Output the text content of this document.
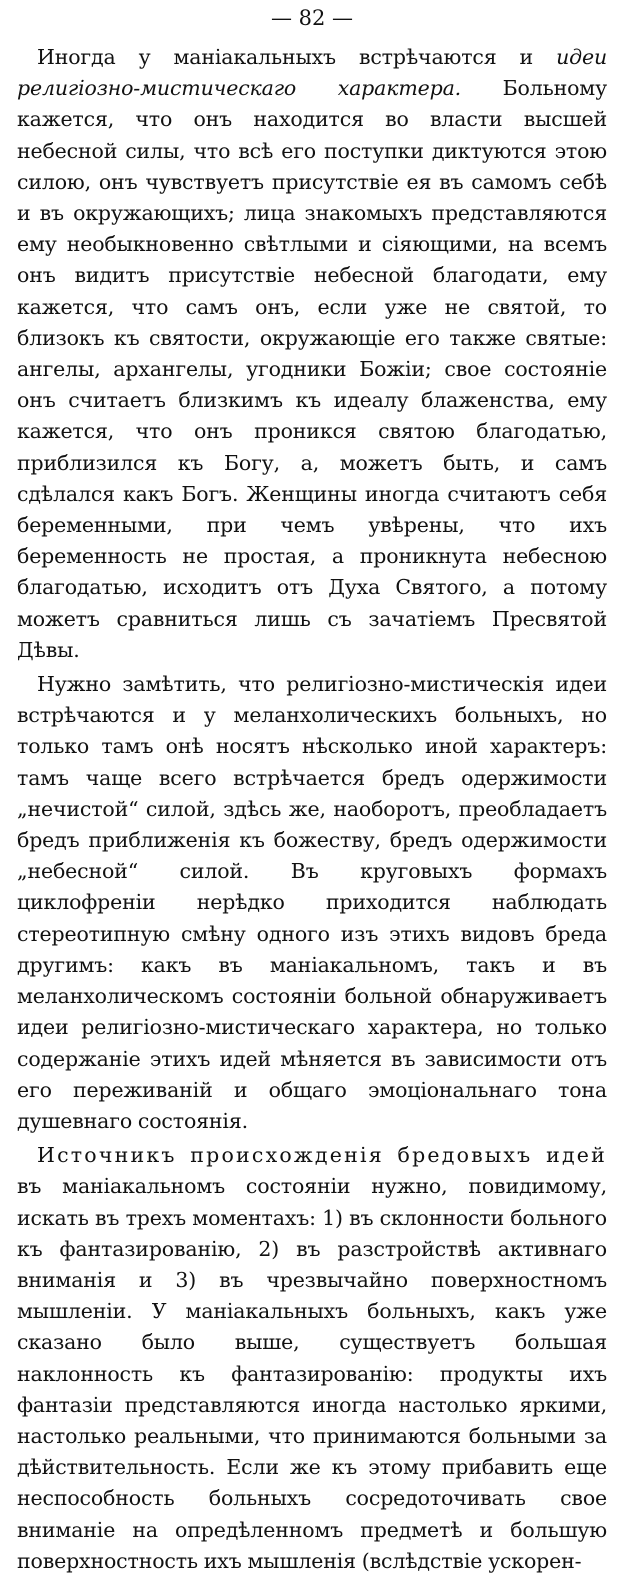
— 82 —

Иногда у маніакальныхъ встрѣчаются и идеи религіозно-мистическаго характера. Больному кажется, что онъ находится во власти высшей небесной силы, что всѣ его поступки диктуются этою силою, онъ чувствуетъ присутствіе ея въ самомъ себѣ и въ окружающихъ; лица знакомыхъ представляются ему необыкновенно свѣтлыми и сіяющими, на всемъ онъ видитъ присутствіе небесной благодати, ему кажется, что самъ онъ, если уже не святой, то близокъ къ святости, окружающіе его также святые: ангелы, архангелы, угодники Божіи; свое состояніе онъ считаетъ близкимъ къ идеалу блаженства, ему кажется, что онъ проникся святою благодатью, приблизился къ Богу, а, можетъ быть, и самъ сдѣлался какъ Богъ. Женщины иногда считаютъ себя беременными, при чемъ увѣрены, что ихъ беременность не простая, а проникнута небесною благодатью, исходитъ отъ Духа Святого, а потому можетъ сравниться лишь съ зачатіемъ Пресвятой Дѣвы.

Нужно замѣтить, что религіозно-мистическія идеи встрѣчаются и у меланхолическихъ больныхъ, но только тамъ онѣ носятъ нѣсколько иной характеръ: тамъ чаще всего встрѣчается бредъ одержимости „нечистой“ силой, здѣсь же, наоборотъ, преобладаетъ бредъ приближенія къ божеству, бредъ одержимости „небесной“ силой. Въ круговыхъ формахъ циклофреніи нерѣдко приходится наблюдать стереотипную смѣну одного изъ этихъ видовъ бреда другимъ: какъ въ маніакальномъ, такъ и въ меланхолическомъ состояніи больной обнаруживаетъ идеи религіозно-мистическаго характера, но только содержаніе этихъ идей мѣняется въ зависимости отъ его переживаній и общаго эмоціональнаго тона душевнаго состоянія.

Источникъ происхожденія бредовыхъ идей въ маніакальномъ состояніи нужно, повидимому, искать въ трехъ моментахъ: 1) въ склонности больного къ фантазированію, 2) въ разстройствѣ активнаго вниманія и 3) въ чрезвычайно поверхностномъ мышленіи. У маніакальныхъ больныхъ, какъ уже сказано было выше, существуетъ большая наклонность къ фантазированію: продукты ихъ фантазіи представляются иногда настолько яркими, настолько реальными, что принимаются больными за дѣйствительность. Если же къ этому прибавить еще неспособность больныхъ сосредоточивать свое вниманіе на опредѣленномъ предметѣ и большую поверхностность ихъ мышленія (вслѣдствіе ускорен-
